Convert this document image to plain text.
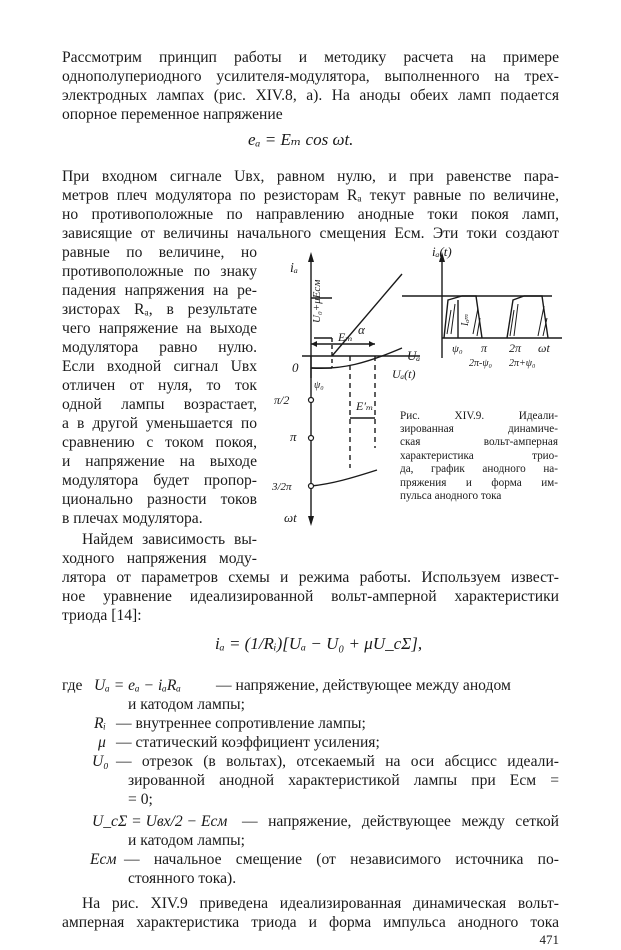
Рассмотрим принцип работы и методику расчета на примере
однополупериодного усилителя-модулятора, выполненного на трех-
электродных лампах (рис. XIV.8, а). На аноды обеих ламп подается
опорное переменное напряжение
eₐ = Eₘ cos ωt.
При входном сигнале Uвх, равном нулю, и при равенстве пара-
метров плеч модулятора по резисторам Rₐ текут равные по величине,
но противоположные по направлению анодные токи покоя ламп,
зависящие от величины начального смещения Eсм. Эти токи создают
равные по величине, но
противоположные по знаку
падения напряжения на ре-
зисторах Rₐ, в результате
чего напряжение на выходе
модулятора равно нулю.
Если входной сигнал Uвх
отличен от нуля, то ток
одной лампы возрастает,
а в другой уменьшается по
сравнению с током покоя,
и напряжение на выходе
модулятора будет пропор-
ционально разности токов
в плечах модулятора.
Найдем зависимость вы-
ходного напряжения моду-
iₐ
iₐ(t)
U₀+μEсм
α
Eₘ
Uₐ
Uₐ(t)
0
ψ₀
π/2
π
3/2π
ωt
E′ₘ
Iₐₘ
ψ₀ π 2π ωt
2π-ψ₀ 2π+ψ₀
Рис. XIV.9. Идеали-
зированная динамиче-
ская вольт-амперная
характеристика трио-
да, график анодного на-
пряжения и форма им-
пульса анодного тока
лятора от параметров схемы и режима работы. Используем извест-
ное уравнение идеализированной вольт-амперной характеристики
триода [14]:
iₐ = (1/Rᵢ)[Uₐ − U₀ + μU_cΣ],
где Uₐ = eₐ − iₐRₐ — напряжение, действующее между анодом
и катодом лампы;
Rᵢ — внутреннее сопротивление лампы;
μ — статический коэффициент усиления;
U₀ — отрезок (в вольтах), отсекаемый на оси абсцисс идеали-
зированной анодной характеристикой лампы при Eсм =
= 0;
U_cΣ = Uвх/2 − Eсм — напряжение, действующее между сеткой
и катодом лампы;
Eсм — начальное смещение (от независимого источника по-
стоянного тока).
На рис. XIV.9 приведена идеализированная динамическая вольт-
амперная характеристика триода и форма импульса анодного тока
471
